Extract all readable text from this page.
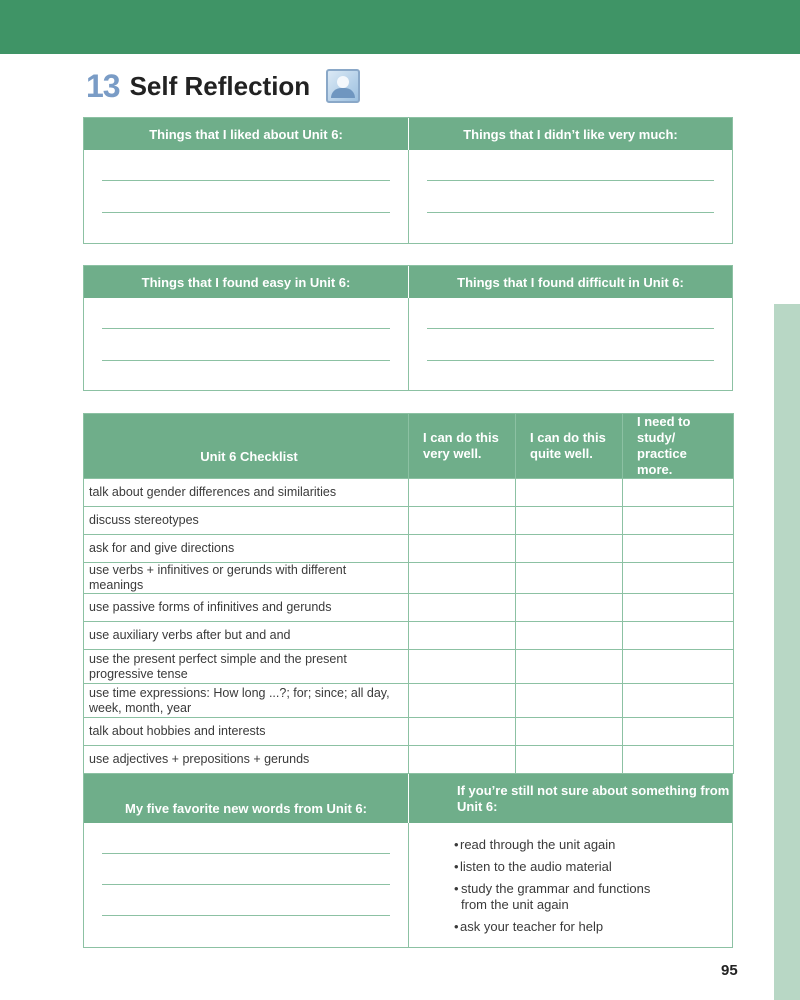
13 Self Reflection
Things that I liked about Unit 6:	Things that I didn’t like very much:
Things that I found easy in Unit 6:	Things that I found difficult in Unit 6:
Unit 6 Checklist	I can do this very well.	I can do this quite well.	I need to study/ practice more.

talk about gender differences and similarities			
discuss stereotypes			
ask for and give directions			
use verbs + infinitives or gerunds with different meanings			
use passive forms of infinitives and gerunds			
use auxiliary verbs after but and and			
use the present perfect simple and the present progressive tense			
use time expressions: How long ...?; for; since; all day, week, month, year			
talk about hobbies and interests			
use adjectives + prepositions + gerunds			
My five favorite new words from Unit 6:
If you’re still not sure about something from Unit 6:
•read through the unit again
•listen to the audio material
• study the grammar and functions from the unit again
•ask your teacher for help
95
